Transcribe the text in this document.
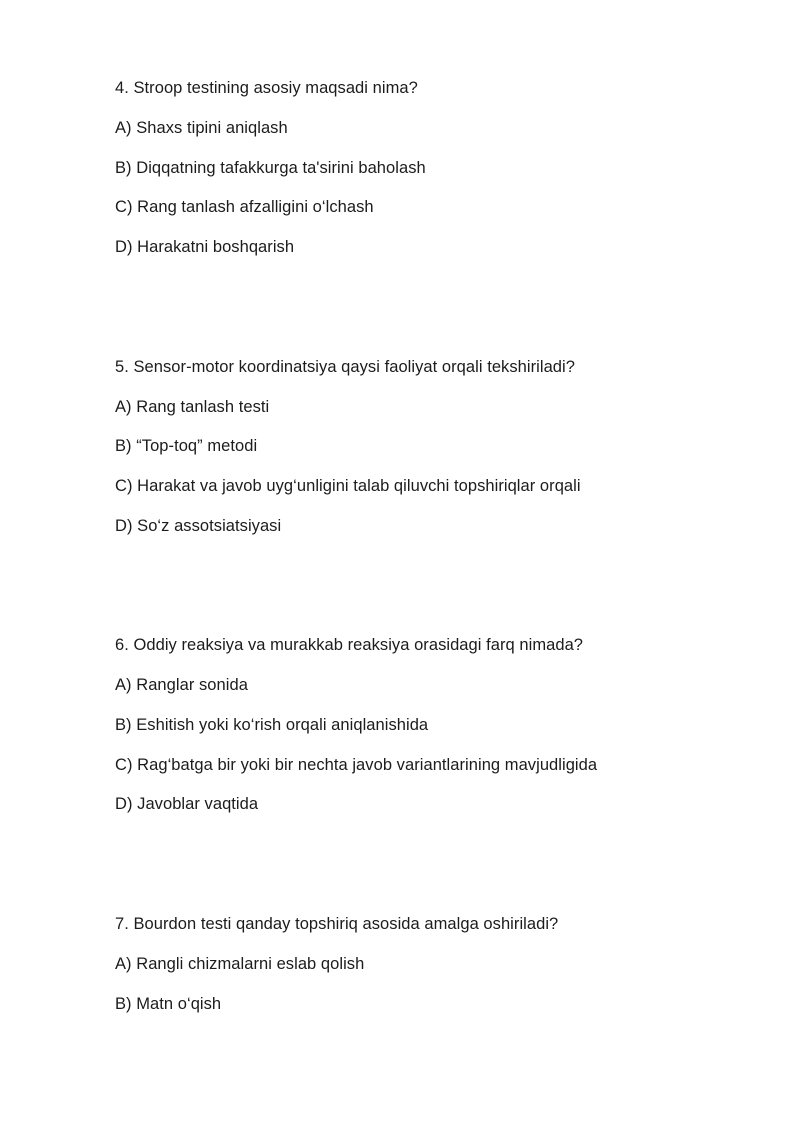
4. Stroop testining asosiy maqsadi nima?
A) Shaxs tipini aniqlash
B) Diqqatning tafakkurga ta'sirini baholash
C) Rang tanlash afzalligini o‘lchash
D) Harakatni boshqarish
5. Sensor-motor koordinatsiya qaysi faoliyat orqali tekshiriladi?
A) Rang tanlash testi
B) “Top-toq” metodi
C) Harakat va javob uyg‘unligini talab qiluvchi topshiriqlar orqali
D) So‘z assotsiatsiyasi
6. Oddiy reaksiya va murakkab reaksiya orasidagi farq nimada?
A) Ranglar sonida
B) Eshitish yoki ko‘rish orqali aniqlanishida
C) Rag‘batga bir yoki bir nechta javob variantlarining mavjudligida
D) Javoblar vaqtida
7. Bourdon testi qanday topshiriq asosida amalga oshiriladi?
A) Rangli chizmalarni eslab qolish
B) Matn o‘qish
